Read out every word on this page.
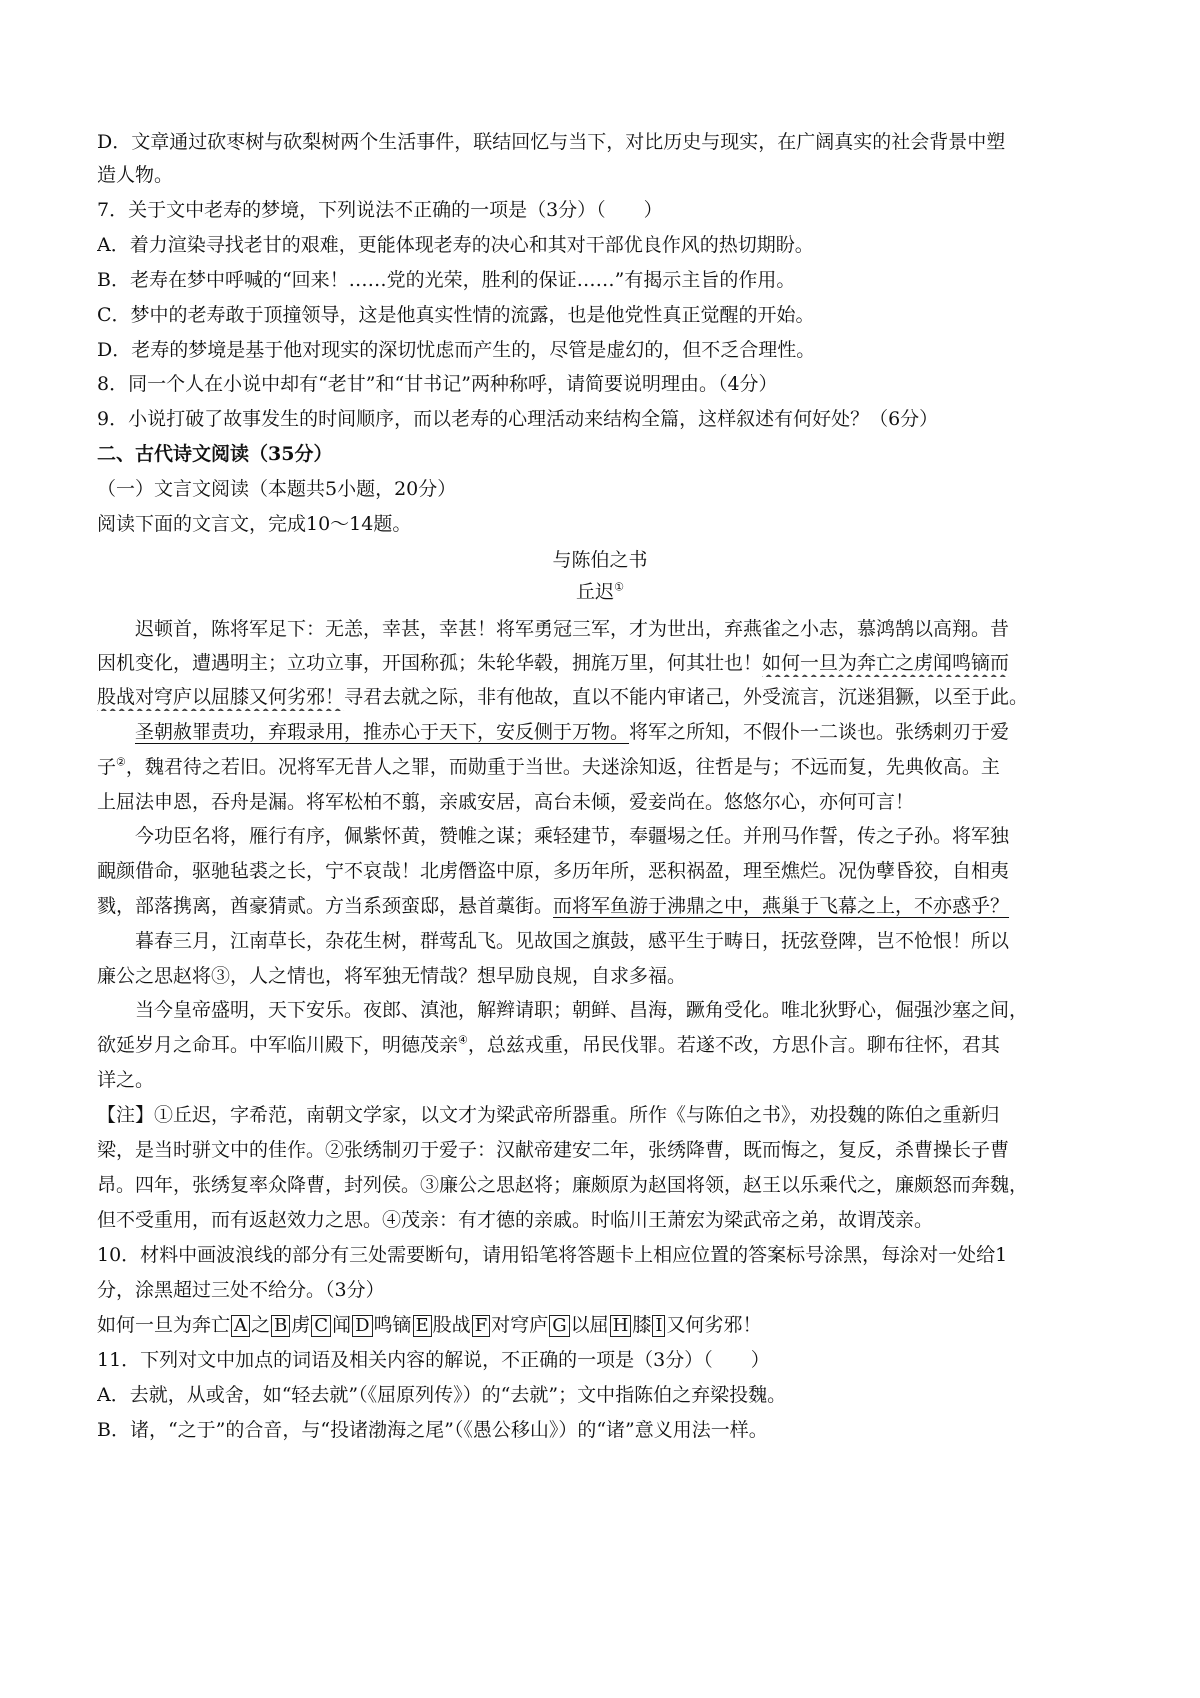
D．文章通过砍枣树与砍梨树两个生活事件，联结回忆与当下，对比历史与现实，在广阔真实的社会背景中塑
造人物。
7．关于文中老寿的梦境，下列说法不正确的一项是（3分）（　　）
A．着力渲染寻找老甘的艰难，更能体现老寿的决心和其对干部优良作风的热切期盼。
B．老寿在梦中呼喊的“回来！……党的光荣，胜利的保证……”有揭示主旨的作用。
C．梦中的老寿敢于顶撞领导，这是他真实性情的流露，也是他党性真正觉醒的开始。
D．老寿的梦境是基于他对现实的深切忧虑而产生的，尽管是虚幻的，但不乏合理性。
8．同一个人在小说中却有“老甘”和“甘书记”两种称呼，请简要说明理由。（4分）
9．小说打破了故事发生的时间顺序，而以老寿的心理活动来结构全篇，这样叙述有何好处？（6分）
二、古代诗文阅读（35分）
（一）文言文阅读（本题共5小题，20分）
阅读下面的文言文，完成10～14题。
与陈伯之书
丘迟①
迟顿首，陈将军足下：无恙，幸甚，幸甚！将军勇冠三军，才为世出，弃燕雀之小志，慕鸿鹄以高翔。昔
因机变化，遭遇明主；立功立事，开国称孤；朱轮华毂，拥旄万里，何其壮也！如何一旦为奔亡之虏闻鸣镝而
股战对穹庐以屈膝又何劣邪！寻君去就之际，非有他故，直以不能内审诸己，外受流言，沉迷猖獗，以至于此。
圣朝赦罪责功，弃瑕录用，推赤心于天下，安反侧于万物。将军之所知，不假仆一二谈也。张绣刺刃于爱
子②，魏君待之若旧。况将军无昔人之罪，而勋重于当世。夫迷涂知返，往哲是与；不远而复，先典攸高。主
上屈法申恩，吞舟是漏。将军松柏不翦，亲戚安居，高台未倾，爱妾尚在。悠悠尔心，亦何可言！
今功臣名将，雁行有序，佩紫怀黄，赞帷之谋；乘轻建节，奉疆埸之任。并刑马作誓，传之子孙。将军独
靦颜借命，驱驰毡裘之长，宁不哀哉！北虏僭盗中原，多历年所，恶积祸盈，理至燋烂。况伪孽昏狡，自相夷
戮，部落携离，酋豪猜贰。方当系颈蛮邸，悬首藁街。而将军鱼游于沸鼎之中，燕巢于飞幕之上，不亦惑乎？
暮春三月，江南草长，杂花生树，群莺乱飞。见故国之旗鼓，感平生于畴日，抚弦登陴，岂不怆恨！所以
廉公之思赵将③，人之情也，将军独无情哉？想早励良规，自求多福。
当今皇帝盛明，天下安乐。夜郎、滇池，解辫请职；朝鲜、昌海，蹶角受化。唯北狄野心，倔强沙塞之间，
欲延岁月之命耳。中军临川殿下，明德茂亲④，总兹戎重，吊民伐罪。若遂不改，方思仆言。聊布往怀，君其
详之。
【注】①丘迟，字希范，南朝文学家，以文才为梁武帝所器重。所作《与陈伯之书》，劝投魏的陈伯之重新归
梁，是当时骈文中的佳作。②张绣制刃于爱子：汉献帝建安二年，张绣降曹，既而悔之，复反，杀曹操长子曹
昂。四年，张绣复率众降曹，封列侯。③廉公之思赵将；廉颇原为赵国将领，赵王以乐乘代之，廉颇怒而奔魏，
但不受重用，而有返赵效力之思。④茂亲：有才德的亲戚。时临川王萧宏为梁武帝之弟，故谓茂亲。
10．材料中画波浪线的部分有三处需要断句，请用铅笔将答题卡上相应位置的答案标号涂黑，每涂对一处给1
分，涂黑超过三处不给分。（3分）
如何一旦为奔亡 A 之 B 虏 C 闻 D 鸣镝 E 股战 F 对穹庐 G 以屈 H 膝 I 又何劣邪！
11．下列对文中加点的词语及相关内容的解说，不正确的一项是（3分）（　　）
A．去就，从或舍，如“轻去就”（《屈原列传》）的“去就”；文中指陈伯之弃梁投魏。
B．诸，“之于”的合音，与“投诸渤海之尾”（《愚公移山》）的“诸”意义用法一样。
